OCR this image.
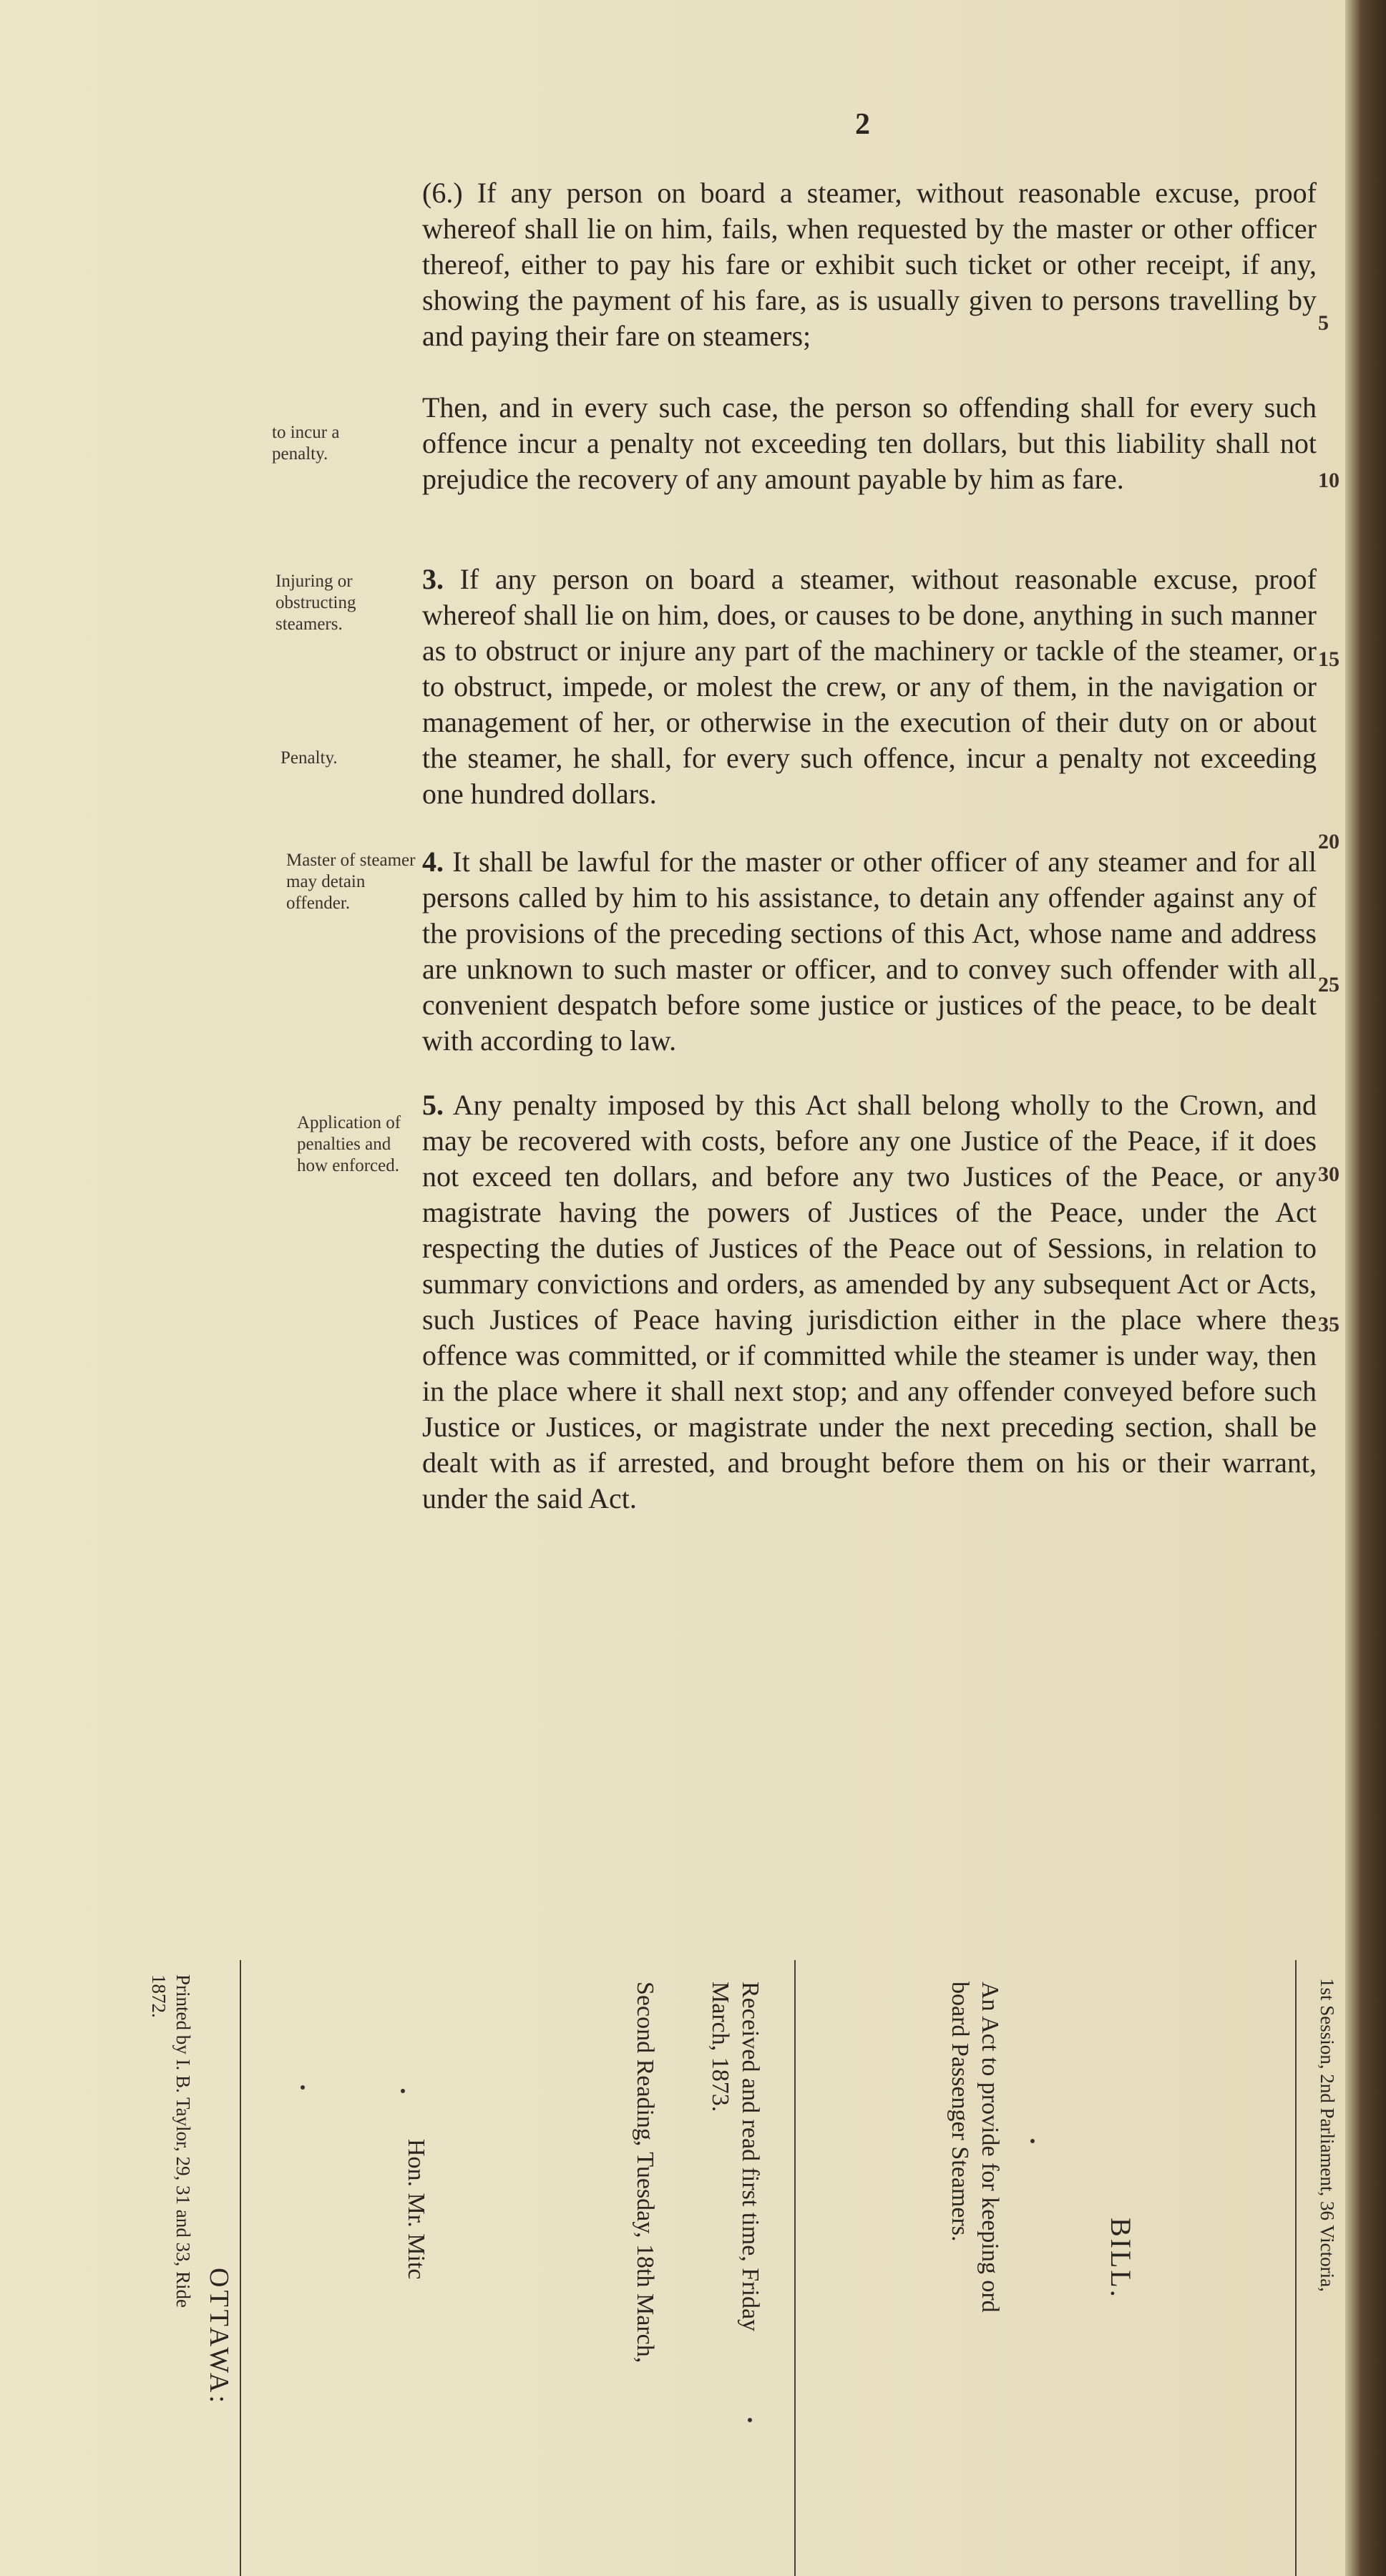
2

(6.) If any person on board a steamer, without reasonable excuse, proof whereof shall lie on him, fails, when requested by the master or other officer thereof, either to pay his fare or exhibit such ticket or other receipt, if any, showing the payment of his fare, as is usually given to persons travelling by and paying their fare on steamers;

to incur a penalty.

Then, and in every such case, the person so offending shall for every such offence incur a penalty not exceeding ten dollars, but this liability shall not prejudice the recovery of any amount payable by him as fare.

Injuring or obstructing steamers.

Penalty.

3. If any person on board a steamer, without reasonable excuse, proof whereof shall lie on him, does, or causes to be done, anything in such manner as to obstruct or injure any part of the machinery or tackle of the steamer, or to obstruct, impede, or molest the crew, or any of them, in the navigation or management of her, or otherwise in the execution of their duty on or about the steamer, he shall, for every such offence, incur a penalty not exceeding one hundred dollars.

Master of steamer may detain offender.

4. It shall be lawful for the master or other officer of any steamer and for all persons called by him to his assistance, to detain any offender against any of the provisions of the preceding sections of this Act, whose name and address are unknown to such master or officer, and to convey such offender with all convenient despatch before some justice or justices of the peace, to be dealt with according to law.

Application of penalties and how enforced.

5. Any penalty imposed by this Act shall belong wholly to the Crown, and may be recovered with costs, before any one Justice of the Peace, if it does not exceed ten dollars, and before any two Justices of the Peace, or any magistrate having the powers of Justices of the Peace, under the Act respecting the duties of Justices of the Peace out of Sessions, in relation to summary convictions and orders, as amended by any subsequent Act or Acts, such Justices of Peace having jurisdiction either in the place where the offence was committed, or if committed while the steamer is under way, then in the place where it shall next stop; and any offender conveyed before such Justice or Justices, or magistrate under the next preceding section, shall be dealt with as if arrested, and brought before them on his or their warrant, under the said Act.

5
10
15
20
25
30
35
Printed by I. B. Taylor, 29, 31 and 33, Ride
1872.
OTTAWA:
Hon. Mr. Mitc	Second Reading, Tuesday, 18th March,	Received and read first time, Friday
March, 1873.
An Act to provide for keeping ord
board Passenger Steamers.
BILL.	1st Session, 2nd Parliament, 36 Victoria,
